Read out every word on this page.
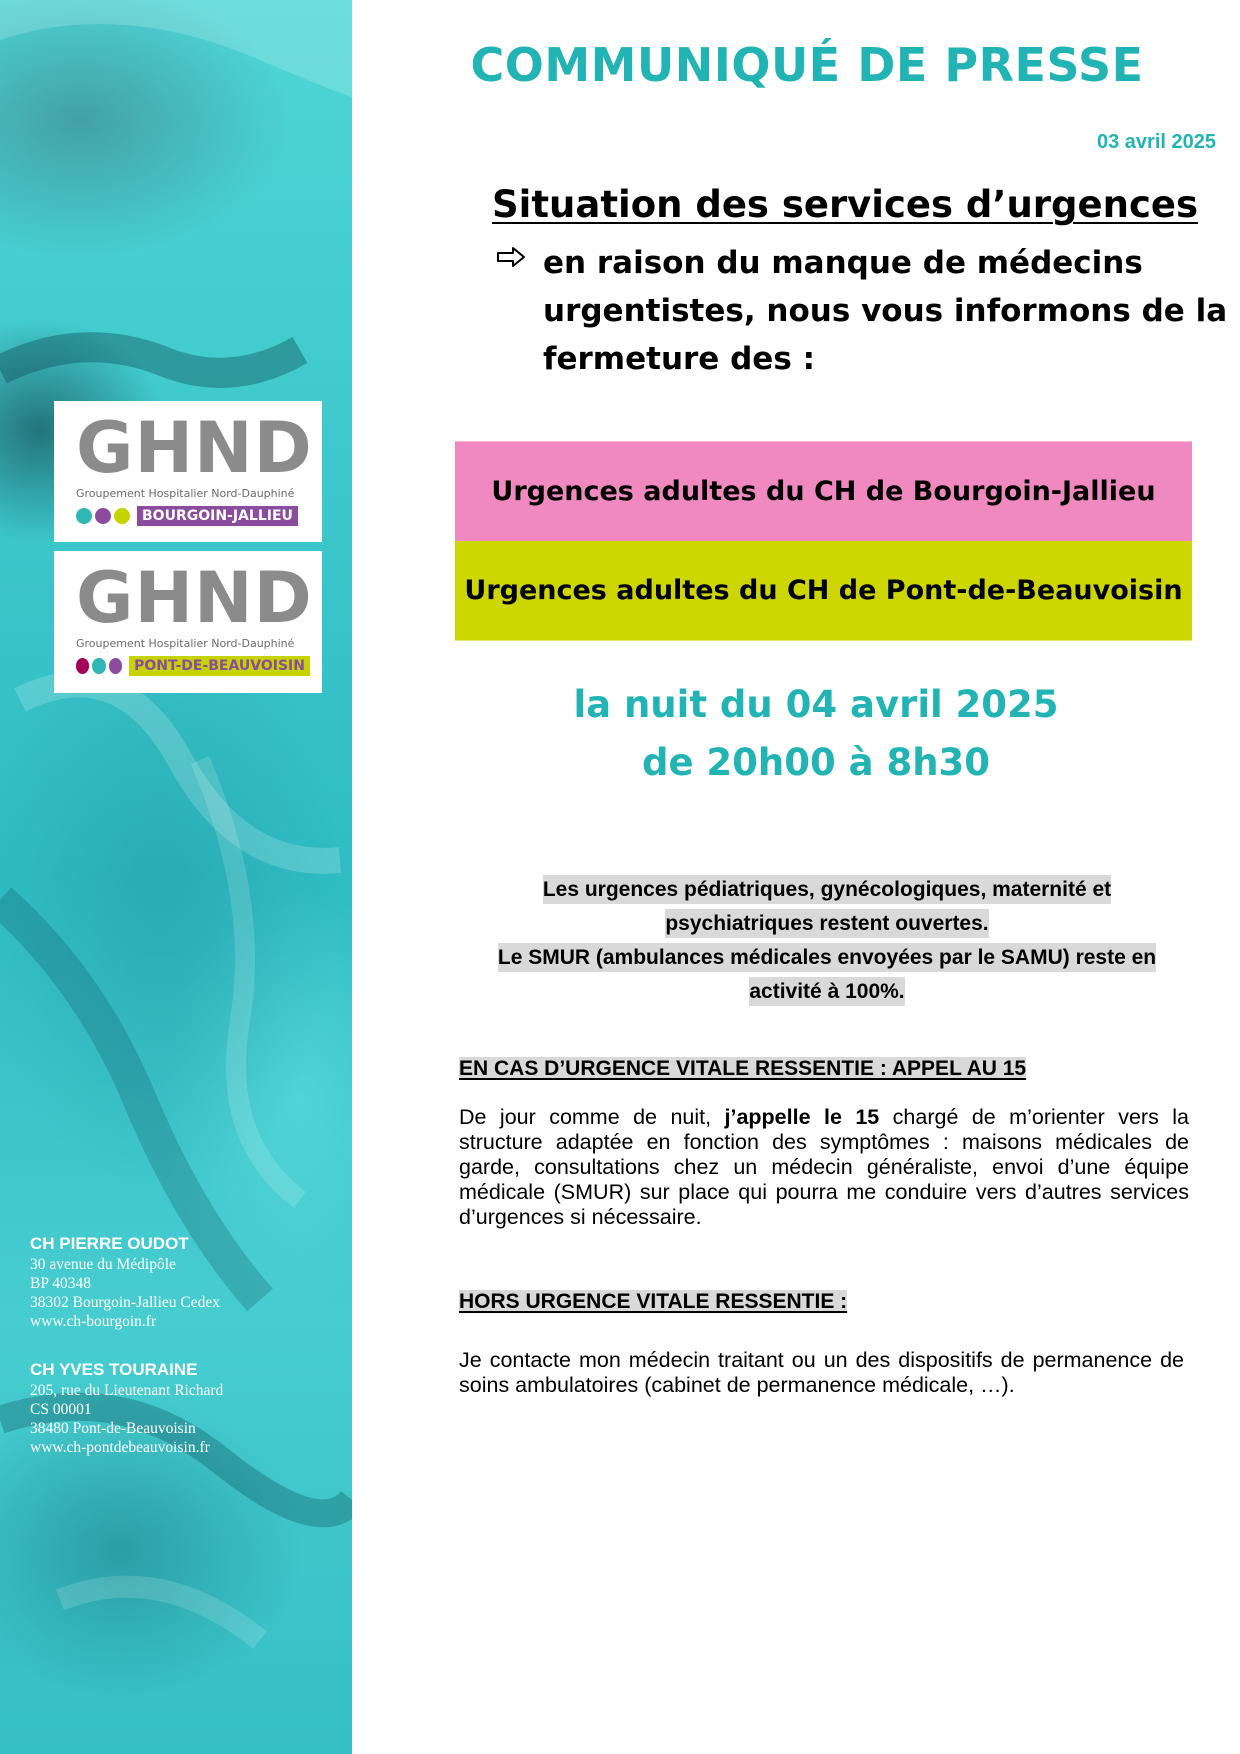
GHND
Groupement Hospitalier Nord-Dauphiné
BOURGOIN-JALLIEU
GHND
Groupement Hospitalier Nord-Dauphiné
PONT-DE-BEAUVOISIN
CH PIERRE OUDOT
30 avenue du Médipôle
BP 40348
38302 Bourgoin-Jallieu Cedex
www.ch-bourgoin.fr
CH YVES TOURAINE
205, rue du Lieutenant Richard
CS 00001
38480 Pont-de-Beauvoisin
www.ch-pontdebeauvoisin.fr
COMMUNIQUÉ DE PRESSE
03 avril 2025
Situation des services d’urgences
en raison du manque de médecins urgentistes, nous vous informons de la fermeture des :
Urgences adultes du CH de Bourgoin-Jallieu
Urgences adultes du CH de Pont-de-Beauvoisin
la nuit du 04 avril 2025
de 20h00 à 8h30
Les urgences pédiatriques, gynécologiques, maternité et
psychiatriques restent ouvertes.
Le SMUR (ambulances médicales envoyées par le SAMU) reste en
activité à 100%.
EN CAS D’URGENCE VITALE RESSENTIE : APPEL AU 15
De jour comme de nuit, j’appelle le 15 chargé de m’orienter vers la structure adaptée en fonction des symptômes : maisons médicales de garde, consultations chez un médecin généraliste, envoi d’une équipe médicale (SMUR) sur place qui pourra me conduire vers d’autres services d’urgences si nécessaire.
HORS URGENCE VITALE RESSENTIE :
Je contacte mon médecin traitant ou un des dispositifs de permanence de soins ambulatoires (cabinet de permanence médicale, …).
